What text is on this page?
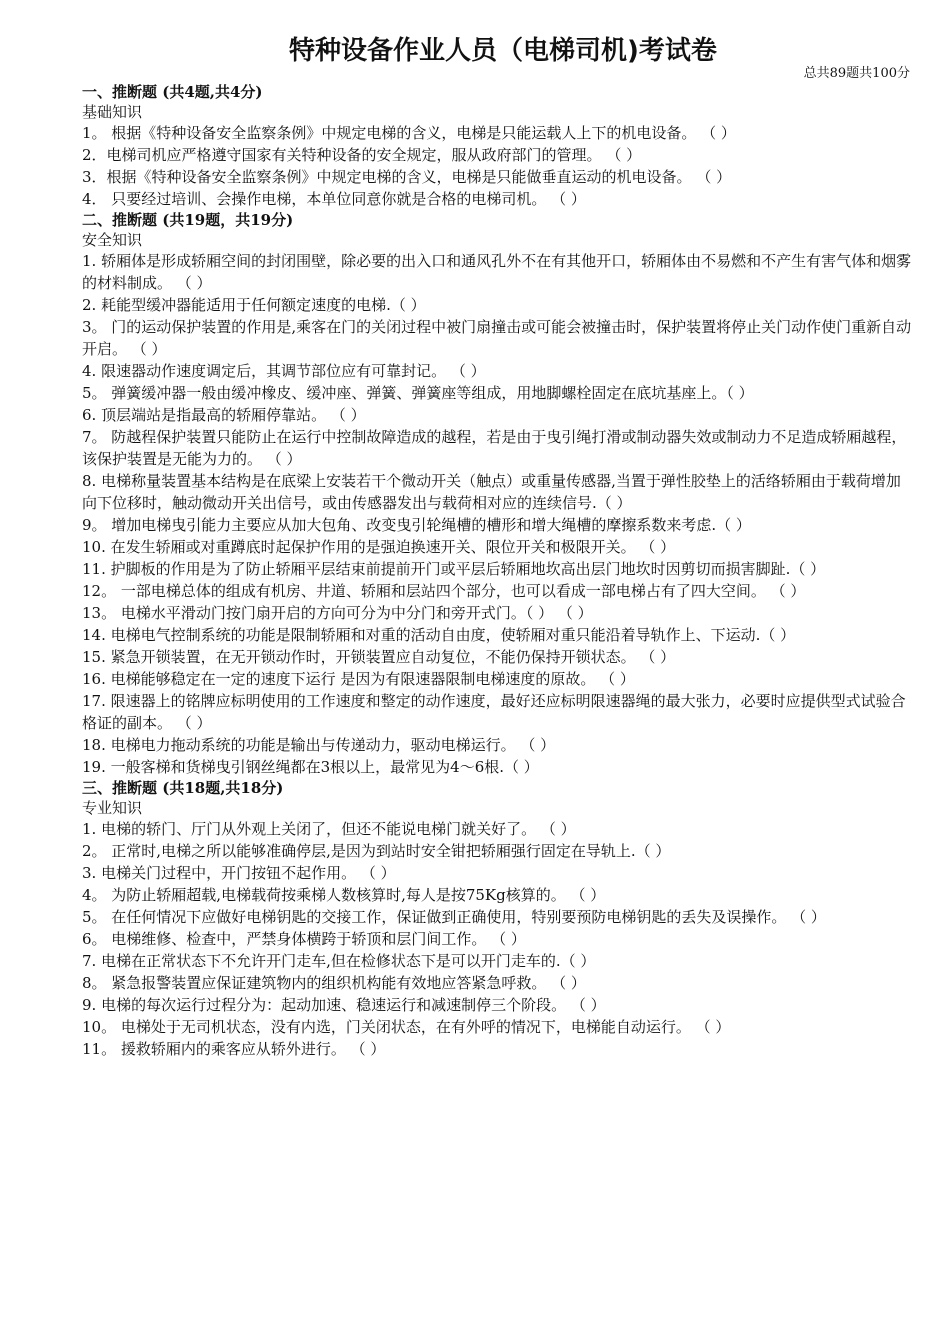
特种设备作业人员（电梯司机)考试卷
总共89题共100分
一、推断题 (共4题,共4分)
基础知识
1。 根据《特种设备安全监察条例》中规定电梯的含义，电梯是只能运载人上下的机电设备。 （ ）
2．电梯司机应严格遵守国家有关特种设备的安全规定，服从政府部门的管理。 （ ）
3．根据《特种设备安全监察条例》中规定电梯的含义，电梯是只能做垂直运动的机电设备。 （ ）
4． 只要经过培训、会操作电梯，本单位同意你就是合格的电梯司机。 （ ）
二、推断题 (共19题，共19分)
安全知识
1. 轿厢体是形成轿厢空间的封闭围壁，除必要的出入口和通风孔外不在有其他开口，轿厢体由不易燃和不产生有害气体和烟雾的材料制成。 （ ）
2. 耗能型缓冲器能适用于任何额定速度的电梯.（ ）
3。 门的运动保护装置的作用是,乘客在门的关闭过程中被门扇撞击或可能会被撞击时，保护装置将停止关门动作使门重新自动开启。 （ ）
4. 限速器动作速度调定后，其调节部位应有可靠封记。 （ ）
5。 弹簧缓冲器一般由缓冲橡皮、缓冲座、弹簧、弹簧座等组成，用地脚螺栓固定在底坑基座上。（ ）
6. 顶层端站是指最高的轿厢停靠站。 （ ）
7。 防越程保护装置只能防止在运行中控制故障造成的越程，若是由于曳引绳打滑或制动器失效或制动力不足造成轿厢越程，该保护装置是无能为力的。 （ ）
8. 电梯称量装置基本结构是在底梁上安装若干个微动开关（触点）或重量传感器,当置于弹性胶垫上的活络轿厢由于载荷增加向下位移时，触动微动开关出信号，或由传感器发出与载荷相对应的连续信号.（ ）
9。 增加电梯曳引能力主要应从加大包角、改变曳引轮绳槽的槽形和增大绳槽的摩擦系数来考虑.（ ）
10. 在发生轿厢或对重蹲底时起保护作用的是强迫换速开关、限位开关和极限开关。 （ ）
11. 护脚板的作用是为了防止轿厢平层结束前提前开门或平层后轿厢地坎高出层门地坎时因剪切而损害脚趾.（ ）
12。 一部电梯总体的组成有机房、井道、轿厢和层站四个部分，也可以看成一部电梯占有了四大空间。 （ ）
13。 电梯水平滑动门按门扇开启的方向可分为中分门和旁开式门。（ ） （ ）
14. 电梯电气控制系统的功能是限制轿厢和对重的活动自由度，使轿厢对重只能沿着导轨作上、下运动.（ ）
15. 紧急开锁装置，在无开锁动作时，开锁装置应自动复位，不能仍保持开锁状态。 （ ）
16. 电梯能够稳定在一定的速度下运行 是因为有限速器限制电梯速度的原故。 （ ）
17. 限速器上的铭牌应标明使用的工作速度和整定的动作速度，最好还应标明限速器绳的最大张力，必要时应提供型式试验合格证的副本。 （ ）
18. 电梯电力拖动系统的功能是输出与传递动力，驱动电梯运行。 （ ）
19. 一般客梯和货梯曳引钢丝绳都在3根以上，最常见为4～6根.（ ）
三、推断题 (共18题,共18分)
专业知识
1. 电梯的轿门、厅门从外观上关闭了，但还不能说电梯门就关好了。 （ ）
2。 正常时,电梯之所以能够准确停层,是因为到站时安全钳把轿厢强行固定在导轨上.（ ）
3. 电梯关门过程中，开门按钮不起作用。 （ ）
4。 为防止轿厢超载,电梯载荷按乘梯人数核算时,每人是按75Kg核算的。 （ ）
5。 在任何情况下应做好电梯钥匙的交接工作，保证做到正确使用，特别要预防电梯钥匙的丢失及误操作。 （ ）
6。 电梯维修、检查中，严禁身体横跨于轿顶和层门间工作。 （ ）
7. 电梯在正常状态下不允许开门走车,但在检修状态下是可以开门走车的.（ ）
8。 紧急报警装置应保证建筑物内的组织机构能有效地应答紧急呼救。 （ ）
9. 电梯的每次运行过程分为：起动加速、稳速运行和减速制停三个阶段。 （ ）
10。 电梯处于无司机状态，没有内选，门关闭状态，在有外呼的情况下，电梯能自动运行。 （ ）
11。 援救轿厢内的乘客应从轿外进行。 （ ）
